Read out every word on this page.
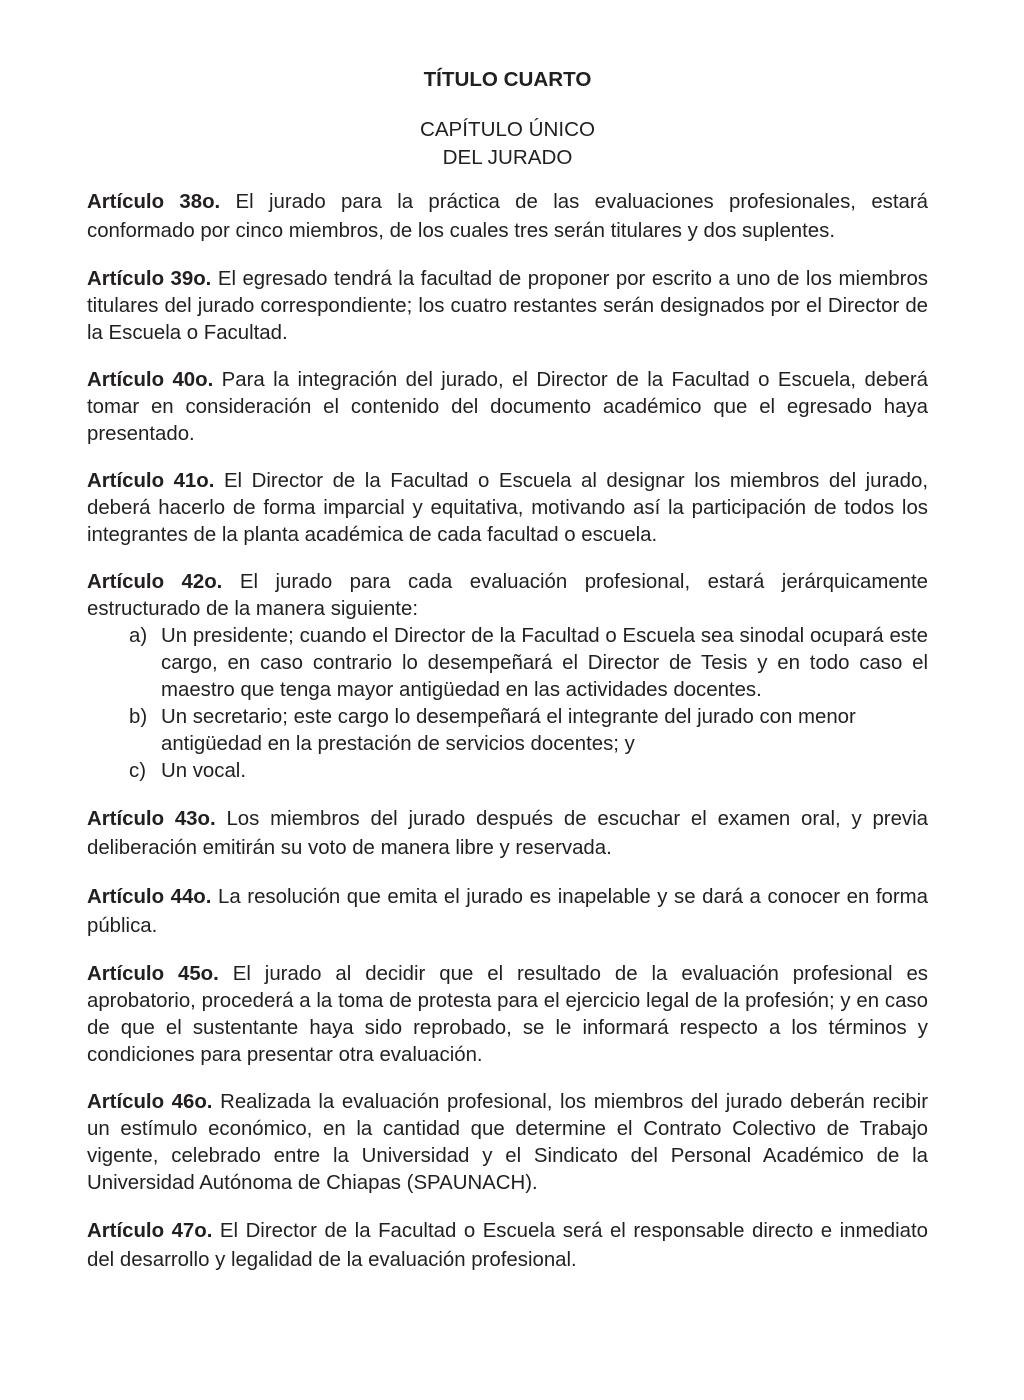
TÍTULO CUARTO
CAPÍTULO ÚNICO
DEL JURADO

Artículo 38o. El jurado para la práctica de las evaluaciones profesionales, estará conformado por cinco miembros, de los cuales tres serán titulares y dos suplentes.

Artículo 39o. El egresado tendrá la facultad de proponer por escrito a uno de los miembros titulares del jurado correspondiente; los cuatro restantes serán designados por el Director de la Escuela o Facultad.

Artículo 40o. Para la integración del jurado, el Director de la Facultad o Escuela, deberá tomar en consideración el contenido del documento académico que el egresado haya presentado.

Artículo 41o. El Director de la Facultad o Escuela al designar los miembros del jurado, deberá hacerlo de forma imparcial y equitativa, motivando así la participación de todos los integrantes de la planta académica de cada facultad o escuela.

Artículo 42o. El jurado para cada evaluación profesional, estará jerárquicamente estructurado de la manera siguiente:

a) Un presidente; cuando el Director de la Facultad o Escuela sea sinodal ocupará este cargo, en caso contrario lo desempeñará el Director de Tesis y en todo caso el maestro que tenga mayor antigüedad en las actividades docentes.
b) Un secretario; este cargo lo desempeñará el integrante del jurado con menor antigüedad en la prestación de servicios docentes; y
c) Un vocal.

Artículo 43o. Los miembros del jurado después de escuchar el examen oral, y previa deliberación emitirán su voto de manera libre y reservada.

Artículo 44o. La resolución que emita el jurado es inapelable y se dará a conocer en forma pública.

Artículo 45o. El jurado al decidir que el resultado de la evaluación profesional es aprobatorio, procederá a la toma de protesta para el ejercicio legal de la profesión; y en caso de que el sustentante haya sido reprobado, se le informará respecto a los términos y condiciones para presentar otra evaluación.

Artículo 46o. Realizada la evaluación profesional, los miembros del jurado deberán recibir un estímulo económico, en la cantidad que determine el Contrato Colectivo de Trabajo vigente, celebrado entre la Universidad y el Sindicato del Personal Académico de la Universidad Autónoma de Chiapas (SPAUNACH).

Artículo 47o. El Director de la Facultad o Escuela será el responsable directo e inmediato del desarrollo y legalidad de la evaluación profesional.
